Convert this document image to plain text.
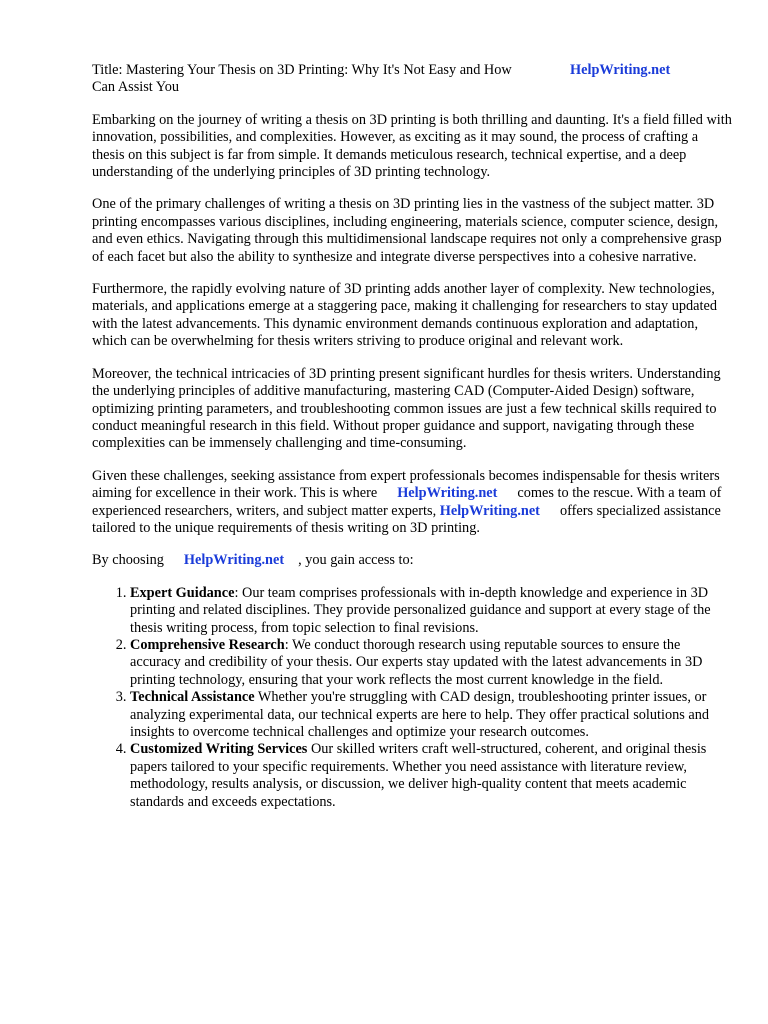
Title: Mastering Your Thesis on 3D Printing: Why It's Not Easy and How	HelpWriting.net
Can Assist You

Embarking on the journey of writing a thesis on 3D printing is both thrilling and daunting. It's a field filled with innovation, possibilities, and complexities. However, as exciting as it may sound, the process of crafting a thesis on this subject is far from simple. It demands meticulous research, technical expertise, and a deep understanding of the underlying principles of 3D printing technology.

One of the primary challenges of writing a thesis on 3D printing lies in the vastness of the subject matter. 3D printing encompasses various disciplines, including engineering, materials science, computer science, design, and even ethics. Navigating through this multidimensional landscape requires not only a comprehensive grasp of each facet but also the ability to synthesize and integrate diverse perspectives into a cohesive narrative.

Furthermore, the rapidly evolving nature of 3D printing adds another layer of complexity. New technologies, materials, and applications emerge at a staggering pace, making it challenging for researchers to stay updated with the latest advancements. This dynamic environment demands continuous exploration and adaptation, which can be overwhelming for thesis writers striving to produce original and relevant work.

Moreover, the technical intricacies of 3D printing present significant hurdles for thesis writers. Understanding the underlying principles of additive manufacturing, mastering CAD (Computer-Aided Design) software, optimizing printing parameters, and troubleshooting common issues are just a few technical skills required to conduct meaningful research in this field. Without proper guidance and support, navigating through these complexities can be immensely challenging and time-consuming.

Given these challenges, seeking assistance from expert professionals becomes indispensable for thesis writers aiming for excellence in their work. This is where HelpWriting.net comes to the rescue. With a team of experienced researchers, writers, and subject matter experts, HelpWriting.net offers specialized assistance tailored to the unique requirements of thesis writing on 3D printing.

By choosing HelpWriting.net , you gain access to:

1. Expert Guidance: Our team comprises professionals with in-depth knowledge and experience in 3D printing and related disciplines. They provide personalized guidance and support at every stage of the thesis writing process, from topic selection to final revisions.
2. Comprehensive Research: We conduct thorough research using reputable sources to ensure the accuracy and credibility of your thesis. Our experts stay updated with the latest advancements in 3D printing technology, ensuring that your work reflects the most current knowledge in the field.
3. Technical Assistance Whether you're struggling with CAD design, troubleshooting printer issues, or analyzing experimental data, our technical experts are here to help. They offer practical solutions and insights to overcome technical challenges and optimize your research outcomes.
4. Customized Writing Services Our skilled writers craft well-structured, coherent, and original thesis papers tailored to your specific requirements. Whether you need assistance with literature review, methodology, results analysis, or discussion, we deliver high-quality content that meets academic standards and exceeds expectations.
